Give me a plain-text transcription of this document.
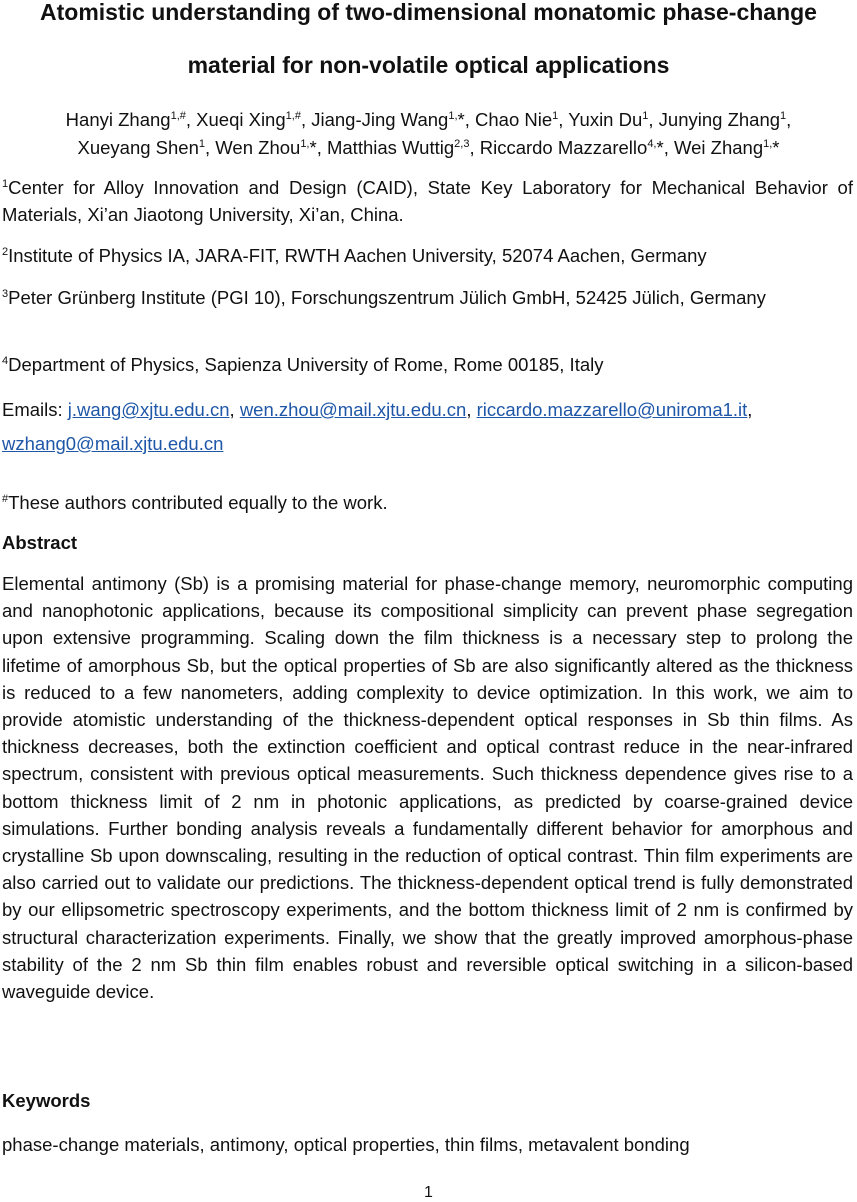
Atomistic understanding of two-dimensional monatomic phase-change
material for non-volatile optical applications

Hanyi Zhang$^{1,\#}$, Xueqi Xing$^{1,\#}$, Jiang-Jing Wang$^{1,}$*, Chao Nie$^1$, Yuxin Du$^1$, Junying Zhang$^1$,
Xueyang Shen$^1$, Wen Zhou$^{1,}$*, Matthias Wuttig$^{2,3}$, Riccardo Mazzarello$^{4,}$*, Wei Zhang$^{1,}$*

$^1$Center for Alloy Innovation and Design (CAID), State Key Laboratory for Mechanical Behavior of Materials, Xi’an Jiaotong University, Xi’an, China.

$^2$Institute of Physics IA, JARA-FIT, RWTH Aachen University, 52074 Aachen, Germany

$^3$Peter Grünberg Institute (PGI 10), Forschungszentrum Jülich GmbH, 52425 Jülich, Germany

$^4$Department of Physics, Sapienza University of Rome, Rome 00185, Italy

Emails: j.wang@xjtu.edu.cn, wen.zhou@mail.xjtu.edu.cn, riccardo.mazzarello@uniroma1.it,
wzhang0@mail.xjtu.edu.cn

#These authors contributed equally to the work.

Abstract

Elemental antimony (Sb) is a promising material for phase-change memory, neuromorphic computing and nanophotonic applications, because its compositional simplicity can prevent phase segregation upon extensive programming. Scaling down the film thickness is a necessary step to prolong the lifetime of amorphous Sb, but the optical properties of Sb are also significantly altered as the thickness is reduced to a few nanometers, adding complexity to device optimization. In this work, we aim to provide atomistic understanding of the thickness-dependent optical responses in Sb thin films. As thickness decreases, both the extinction coefficient and optical contrast reduce in the near-infrared spectrum, consistent with previous optical measurements. Such thickness dependence gives rise to a bottom thickness limit of 2 nm in photonic applications, as predicted by coarse-grained device simulations. Further bonding analysis reveals a fundamentally different behavior for amorphous and crystalline Sb upon downscaling, resulting in the reduction of optical contrast. Thin film experiments are also carried out to validate our predictions. The thickness-dependent optical trend is fully demonstrated by our ellipsometric spectroscopy experiments, and the bottom thickness limit of 2 nm is confirmed by structural characterization experiments. Finally, we show that the greatly improved amorphous-phase stability of the 2 nm Sb thin film enables robust and reversible optical switching in a silicon-based waveguide device.

Keywords

phase-change materials, antimony, optical properties, thin films, metavalent bonding

1
